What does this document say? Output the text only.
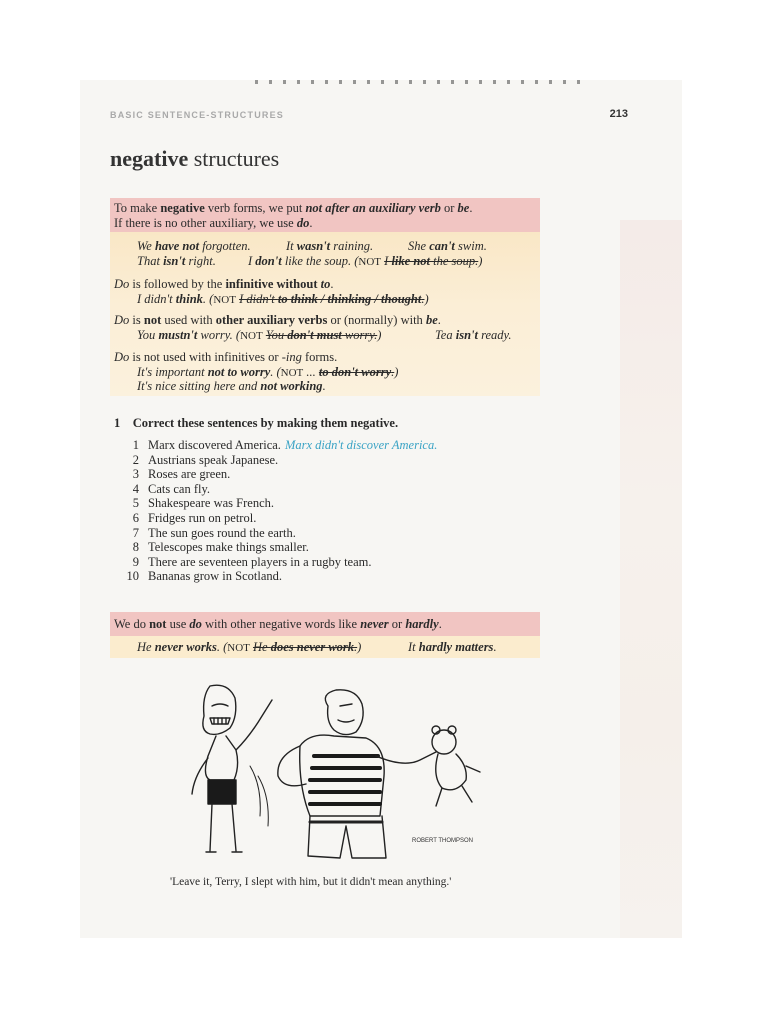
BASIC SENTENCE-STRUCTURES	213
negative structures
To make negative verb forms, we put not after an auxiliary verb or be.
If there is no other auxiliary, we use do.
We have not forgotten.	It wasn't raining.	She can't swim.
That isn't right.	I don't like the soup. (NOT I like not the soup.)
Do is followed by the infinitive without to.
I didn't think. (NOT I didn't to think / thinking / thought.)
Do is not used with other auxiliary verbs or (normally) with be.
You mustn't worry. (NOT You don't must worry.)	Tea isn't ready.
Do is not used with infinitives or -ing forms.
It's important not to worry. (NOT ... to don't worry.)
It's nice sitting here and not working.
1 Correct these sentences by making them negative.
1 Marx discovered America. Marx didn't discover America.
2 Austrians speak Japanese.
3 Roses are green.
4 Cats can fly.
5 Shakespeare was French.
6 Fridges run on petrol.
7 The sun goes round the earth.
8 Telescopes make things smaller.
9 There are seventeen players in a rugby team.
10 Bananas grow in Scotland.
We do not use do with other negative words like never or hardly.
He never works. (NOT He does never work.)	It hardly matters.
ROBERT THOMPSON
'Leave it, Terry, I slept with him, but it didn't mean anything.'
